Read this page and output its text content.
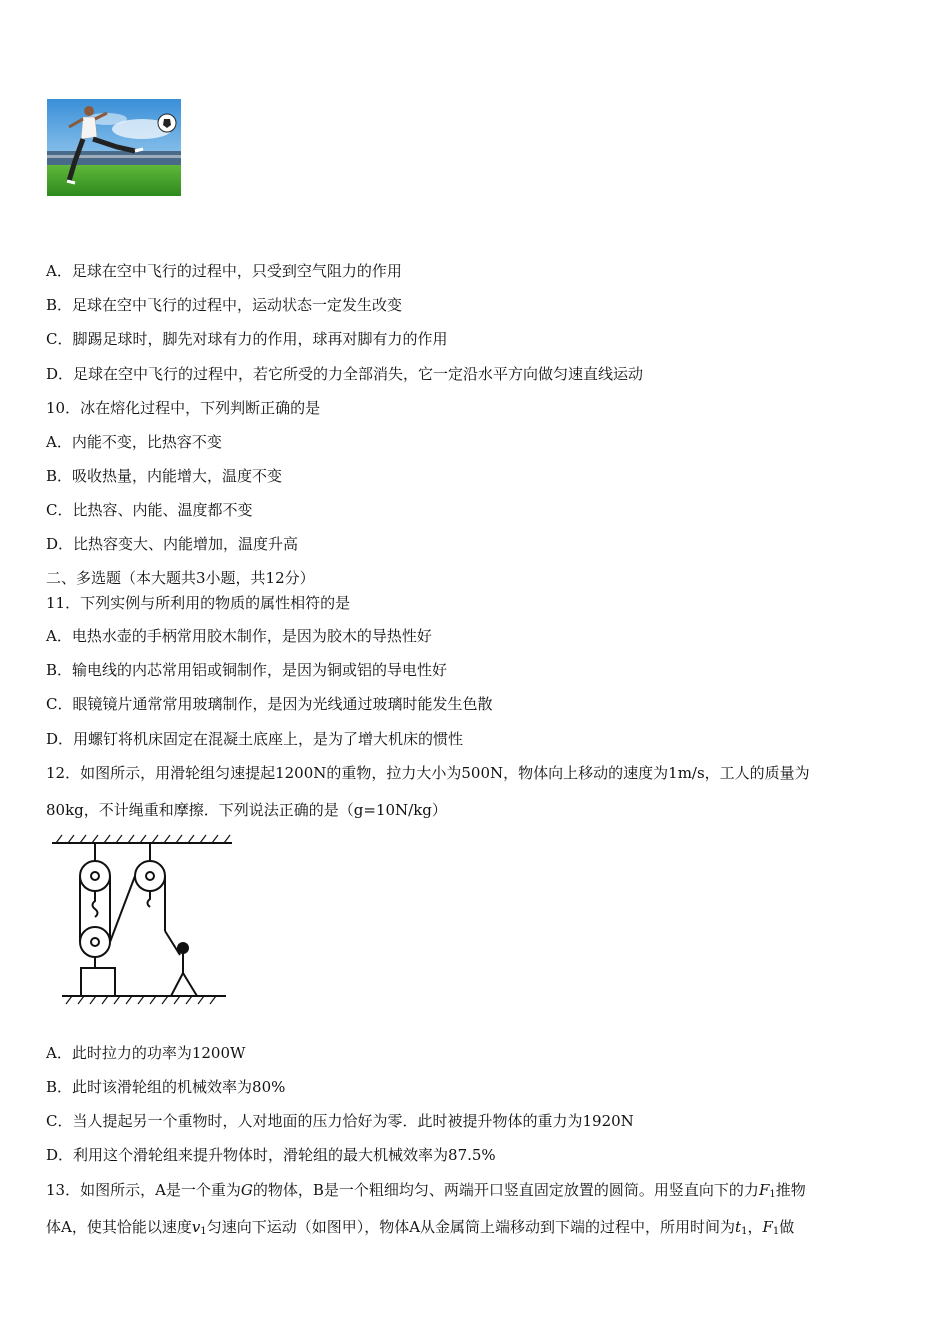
A．足球在空中飞行的过程中，只受到空气阻力的作用
B．足球在空中飞行的过程中，运动状态一定发生改变
C．脚踢足球时，脚先对球有力的作用，球再对脚有力的作用
D．足球在空中飞行的过程中，若它所受的力全部消失，它一定沿水平方向做匀速直线运动
10．冰在熔化过程中，下列判断正确的是
A．内能不变，比热容不变
B．吸收热量，内能增大，温度不变
C．比热容、内能、温度都不变
D．比热容变大、内能增加，温度升高
二、多选题（本大题共3小题，共12分）
11．下列实例与所利用的物质的属性相符的是
A．电热水壶的手柄常用胶木制作，是因为胶木的导热性好
B．输电线的内芯常用铝或铜制作，是因为铜或铝的导电性好
C．眼镜镜片通常常用玻璃制作，是因为光线通过玻璃时能发生色散
D．用螺钉将机床固定在混凝土底座上，是为了增大机床的惯性
12．如图所示，用滑轮组匀速提起1200N的重物，拉力大小为500N，物体向上移动的速度为1m/s，工人的质量为
80kg，不计绳重和摩擦．下列说法正确的是（g=10N/kg）
A．此时拉力的功率为1200W
B．此时该滑轮组的机械效率为80%
C．当人提起另一个重物时，人对地面的压力恰好为零．此时被提升物体的重力为1920N
D．利用这个滑轮组来提升物体时，滑轮组的最大机械效率为87.5%
13．如图所示，A是一个重为G的物体，B是一个粗细均匀、两端开口竖直固定放置的圆筒。用竖直向下的力$F_1$推物
体A，使其恰能以速度$v_1$匀速向下运动（如图甲），物体A从金属筒上端移动到下端的过程中，所用时间为$t_1$，$F_1$做
